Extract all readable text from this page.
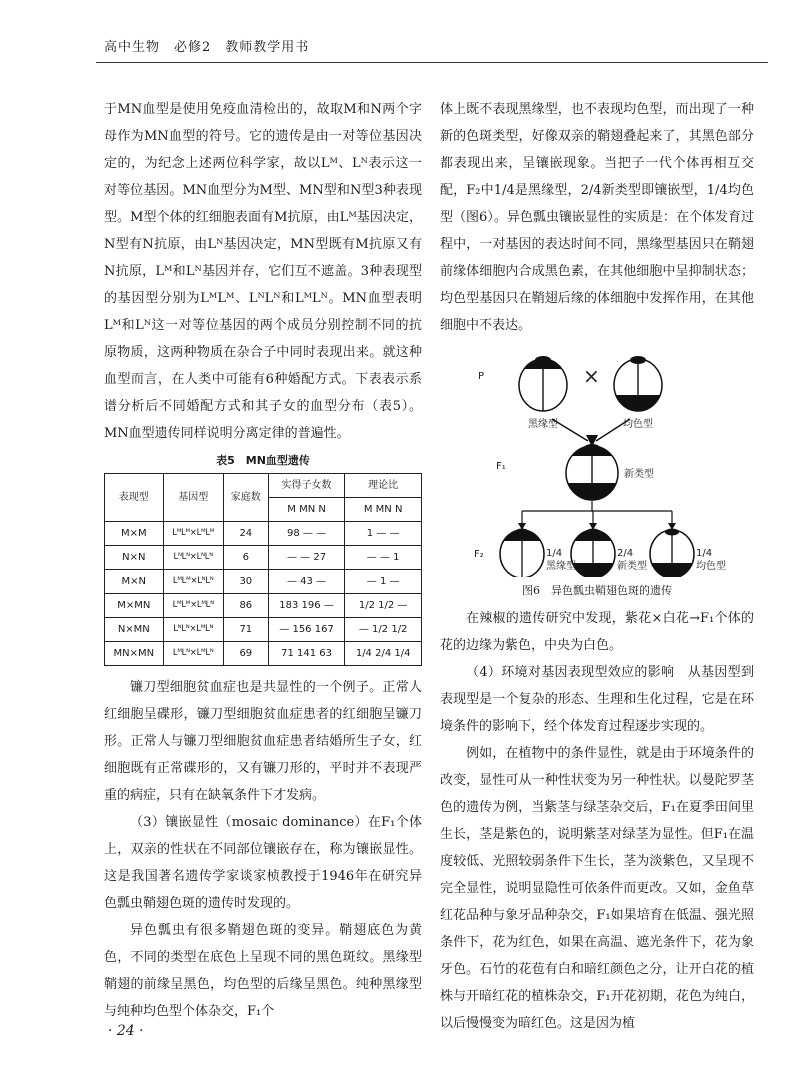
高中生物　必修2　教师教学用书

于MN血型是使用免疫血清检出的，故取M和N两个字母作为MN血型的符号。它的遗传是由一对等位基因决定的，为纪念上述两位科学家，故以Lᴹ、Lᴺ表示这一对等位基因。MN血型分为M型、MN型和N型3种表现型。M型个体的红细胞表面有M抗原，由Lᴹ基因决定，N型有N抗原，由Lᴺ基因决定，MN型既有M抗原又有N抗原，Lᴹ和Lᴺ基因并存，它们互不遮盖。3种表现型的基因型分别为LᴹLᴹ、LᴺLᴺ和LᴹLᴺ。MN血型表明Lᴹ和Lᴺ这一对等位基因的两个成员分别控制不同的抗原物质，这两种物质在杂合子中同时表现出来。就这种血型而言，在人类中可能有6种婚配方式。下表表示系谱分析后不同婚配方式和其子女的血型分布（表5）。MN血型遗传同样说明分离定律的普遍性。

表5　MN血型遗传
表现型	基因型	家庭数	实得子女数	理论比
			M MN N	M MN N
M×M	LᴹLᴹ×LᴹLᴹ	24	98 — —	1 — —
N×N	LᴺLᴺ×LᴺLᴺ	6	— — 27	— — 1
M×N	LᴹLᴹ×LᴺLᴺ	30	— 43 —	— 1 —
M×MN	LᴹLᴹ×LᴹLᴺ	86	183 196 —	1/2 1/2 —
N×MN	LᴺLᴺ×LᴹLᴺ	71	— 156 167	— 1/2 1/2
MN×MN	LᴹLᴺ×LᴹLᴺ	69	71 141 63	1/4 2/4 1/4

镰刀型细胞贫血症也是共显性的一个例子。正常人红细胞呈碟形，镰刀型细胞贫血症患者的红细胞呈镰刀形。正常人与镰刀型细胞贫血症患者结婚所生子女，红细胞既有正常碟形的，又有镰刀形的，平时并不表现严重的病症，只有在缺氧条件下才发病。

（3）镶嵌显性（mosaic dominance）在F₁个体上，双亲的性状在不同部位镶嵌存在，称为镶嵌显性。这是我国著名遗传学家谈家桢教授于1946年在研究异色瓢虫鞘翅色斑的遗传时发现的。

异色瓢虫有很多鞘翅色斑的变异。鞘翅底色为黄色，不同的类型在底色上呈现不同的黑色斑纹。黑缘型鞘翅的前缘呈黑色，均色型的后缘呈黑色。纯种黑缘型与纯种均色型个体杂交，F₁个

体上既不表现黑缘型，也不表现均色型，而出现了一种新的色斑类型，好像双亲的鞘翅叠起来了，其黑色部分都表现出来，呈镶嵌现象。当把子一代个体再相互交配，F₂中1/4是黑缘型，2/4新类型即镶嵌型，1/4均色型（图6）。异色瓢虫镶嵌显性的实质是：在个体发育过程中，一对基因的表达时间不同，黑缘型基因只在鞘翅前缘体细胞内合成黑色素，在其他细胞中呈抑制状态；均色型基因只在鞘翅后缘的体细胞中发挥作用，在其他细胞中不表达。

P
黑缘型
×
均色型
F₁
新类型
F₂	1/4
黑缘型
2/4
新类型
1/4
均色型
图6　异色瓢虫鞘翅色斑的遗传

在辣椒的遗传研究中发现，紫花×白花→F₁个体的花的边缘为紫色，中央为白色。

（4）环境对基因表现型效应的影响　从基因型到表现型是一个复杂的形态、生理和生化过程，它是在环境条件的影响下，经个体发育过程逐步实现的。

例如，在植物中的条件显性，就是由于环境条件的改变，显性可从一种性状变为另一种性状。以曼陀罗茎色的遗传为例，当紫茎与绿茎杂交后，F₁在夏季田间里生长，茎是紫色的，说明紫茎对绿茎为显性。但F₁在温度较低、光照较弱条件下生长，茎为淡紫色，又呈现不完全显性，说明显隐性可依条件而更改。又如，金鱼草红花品种与象牙品种杂交，F₁如果培育在低温、强光照条件下，花为红色，如果在高温、遮光条件下，花为象牙色。石竹的花苞有白和暗红颜色之分，让开白花的植株与开暗红花的植株杂交，F₁开花初期，花色为纯白，以后慢慢变为暗红色。这是因为植

· 24 ·
